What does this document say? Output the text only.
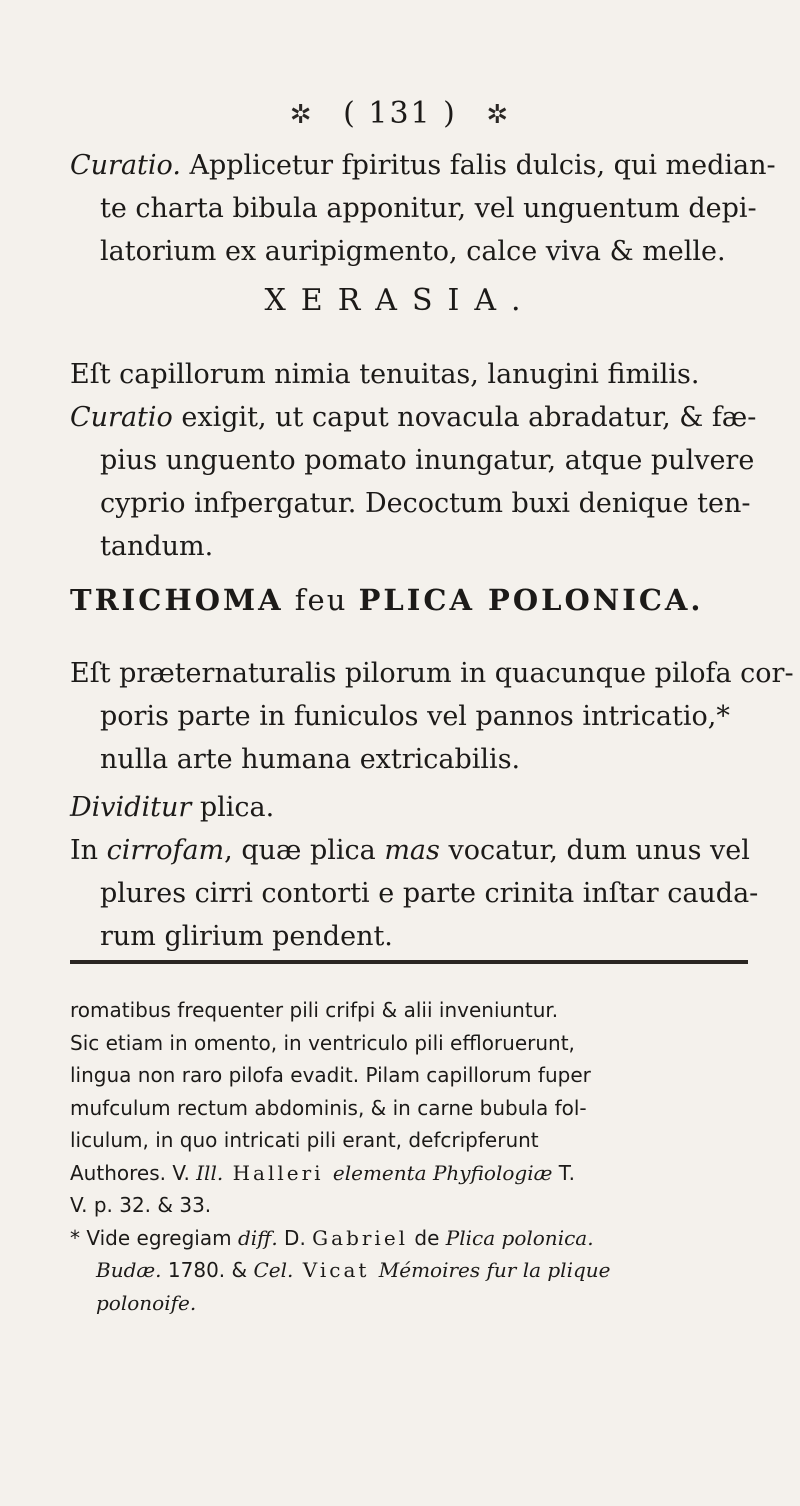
✲ ( 131 ) ✲
Curatio. Applicetur fpiritus falis dulcis, qui median-
te charta bibula apponitur, vel unguentum depi-
latorium ex auripigmento, calce viva & melle.
XERASIA.
Eſt capillorum nimia tenuitas, lanugini fimilis.
Curatio exigit, ut caput novacula abradatur, & fæ-
pius unguento pomato inungatur, atque pulvere
cyprio infpergatur. Decoctum buxi denique ten-
tandum.
TRICHOMA feu PLICA POLONICA.
Eſt præternaturalis pilorum in quacunque pilofa cor-
poris parte in funiculos vel pannos intricatio,*
nulla arte humana extricabilis.
Dividitur plica.
In cirrofam, quæ plica mas vocatur, dum unus vel
plures cirri contorti e parte crinita inſtar cauda-
rum glirium pendent.
romatibus frequenter pili crifpi & alii inveniuntur.
Sic etiam in omento, in ventriculo pili effloruerunt,
lingua non raro pilofa evadit. Pilam capillorum fuper
mufculum rectum abdominis, & in carne bubula fol-
liculum, in quo intricati pili erant, defcripferunt
Authores. V. Ill. Halleri elementa Phyfiologiæ T.
V. p. 32. & 33.
* Vide egregiam diff. D. Gabriel de Plica polonica.
Budæ. 1780. & Cel. Vicat Mémoires fur la plique
polonoife.
